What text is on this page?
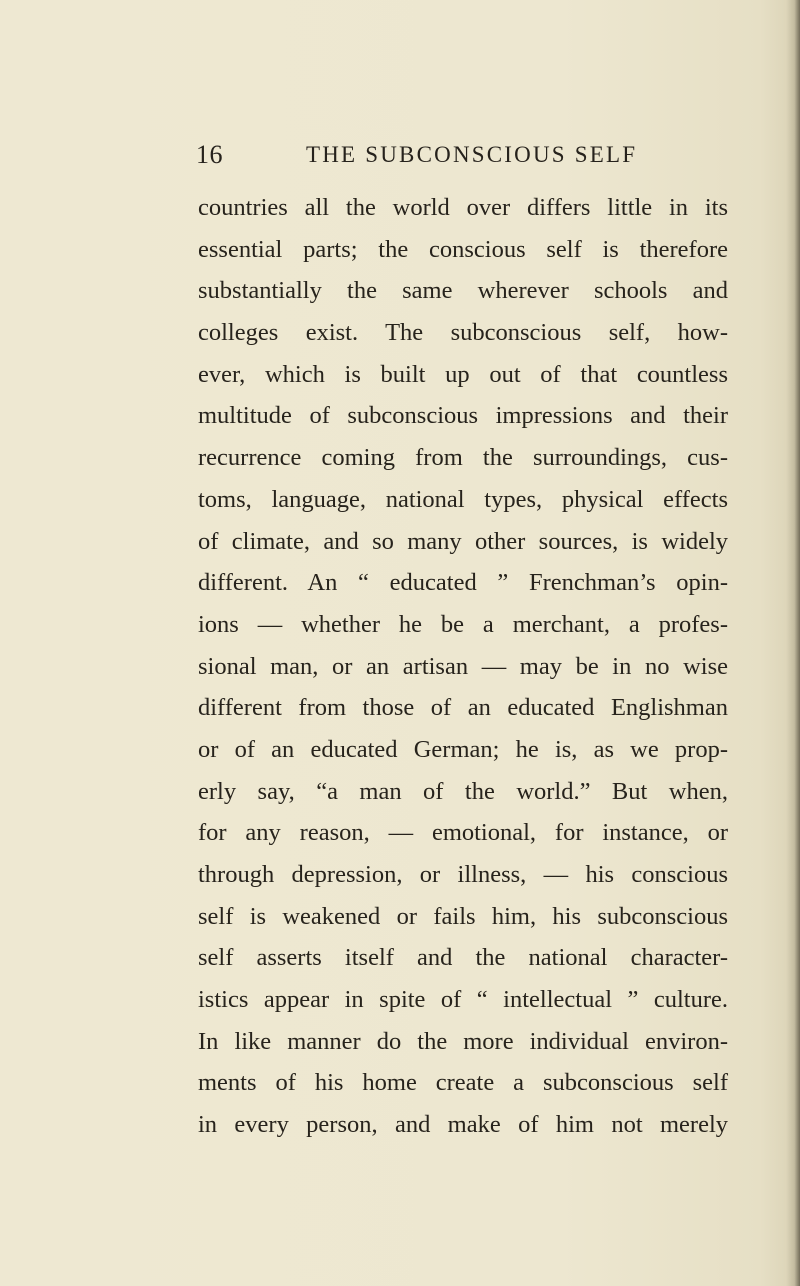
16	THE SUBCONSCIOUS SELF
countries all the world over differs little in its
essential parts; the conscious self is therefore
substantially the same wherever schools and
colleges exist. The subconscious self, how-
ever, which is built up out of that countless
multitude of subconscious impressions and their
recurrence coming from the surroundings, cus-
toms, language, national types, physical effects
of climate, and so many other sources, is widely
different. An “ educated ” Frenchman’s opin-
ions — whether he be a merchant, a profes-
sional man, or an artisan — may be in no wise
different from those of an educated Englishman
or of an educated German; he is, as we prop-
erly say, “a man of the world.” But when,
for any reason, — emotional, for instance, or
through depression, or illness, — his conscious
self is weakened or fails him, his subconscious
self asserts itself and the national character-
istics appear in spite of “ intellectual ” culture.
In like manner do the more individual environ-
ments of his home create a subconscious self
in every person, and make of him not merely
